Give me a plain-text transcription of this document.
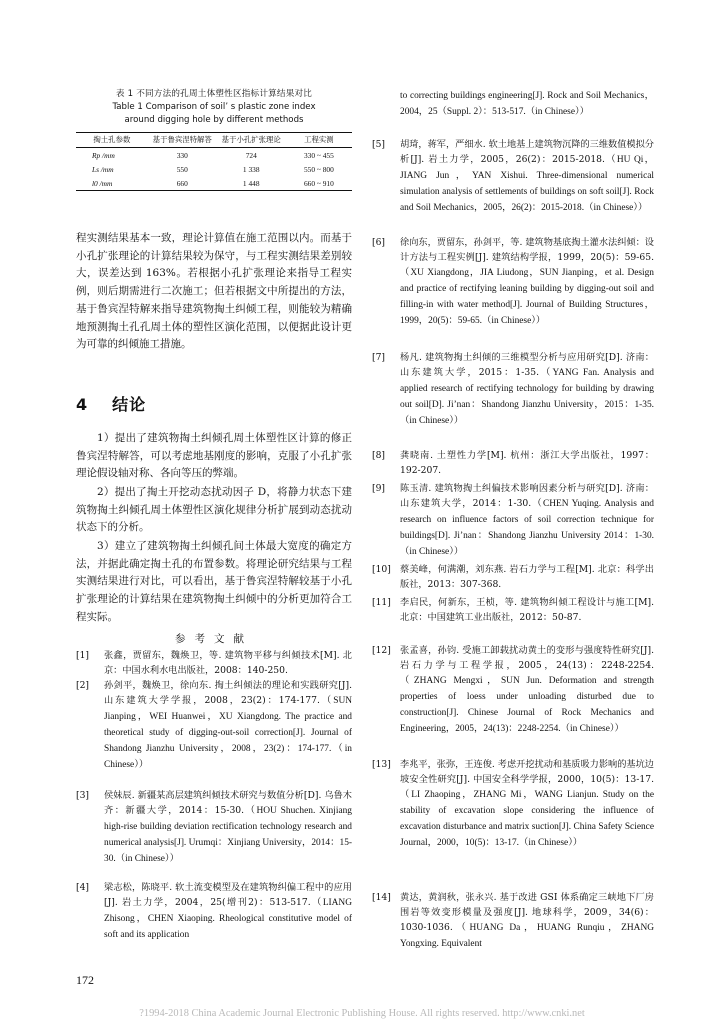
表 1 不同方法的孔周土体塑性区指标计算结果对比
Table 1 Comparison of soil’ s plastic zone index
around digging hole by different methods
掏土孔参数	基于鲁宾涅特解答	基于小孔扩张理论	工程实测
Rp /mm	330	724	330 ~ 455
Ls /mm	550	1 338	550 ~ 800
l0 /mm	660	1 448	660 ~ 910
程实测结果基本一致，理论计算值在施工范围以内。而基于小孔扩张理论的计算结果较为保守，与工程实测结果差别较大，误差达到 163%。若根据小孔扩张理论来指导工程实例，则后期需进行二次施工；但若根据文中所提出的方法，基于鲁宾涅特解来指导建筑物掏土纠倾工程，则能较为精确地预测掏土孔孔周土体的塑性区演化范围，以便据此设计更为可靠的纠倾施工措施。
4 结论
1）提出了建筑物掏土纠倾孔周土体塑性区计算的修正鲁宾涅特解答，可以考虑地基刚度的影响，克服了小孔扩张理论假设轴对称、各向等压的弊端。
2）提出了掏土开挖动态扰动因子 D，将静力状态下建筑物掏土纠倾孔周土体塑性区演化规律分析扩展到动态扰动状态下的分析。
3）建立了建筑物掏土纠倾孔间土体最大宽度的确定方法，并据此确定掏土孔的布置参数。将理论研究结果与工程实测结果进行对比，可以看出，基于鲁宾涅特解较基于小孔扩张理论的计算结果在建筑物掏土纠倾中的分析更加符合工程实际。
参考文献
[1] 张鑫，贾留东，魏焕卫，等. 建筑物平移与纠倾技术[M]. 北京：中国水利水电出版社，2008：140-250.
[2] 孙剑平，魏焕卫，徐向东. 掏土纠倾法的理论和实践研究[J]. 山东建筑大学学报，2008，23(2)：174-177.（SUN Jianping，WEI Huanwei，XU Xiangdong. The practice and theoretical study of digging-out-soil correction[J]. Journal of Shandong Jianzhu University，2008，23(2)：174-177.（in Chinese））
[3] 侯妹辰. 新疆某高层建筑纠倾技术研究与数值分析[D]. 乌鲁木齐：新疆大学，2014：15-30.（HOU Shuchen. Xinjiang high-rise building deviation rectification technology research and numerical analysis[J]. Urumqi：Xinjiang University，2014：15-30.（in Chinese））
[4] 梁志松，陈晓平. 软土流变模型及在建筑物纠偏工程中的应用[J]. 岩土力学，2004，25(增刊2)：513-517.（LIANG Zhisong，CHEN Xiaoping. Rheological constitutive model of soft and its application
to correcting buildings engineering[J]. Rock and Soil Mechanics，2004，25（Suppl. 2）：513-517.（in Chinese））
[5] 胡琦，蒋军，严细水. 软土地基上建筑物沉降的三维数值模拟分析[J]. 岩土力学，2005，26(2)：2015-2018.（HU Qi，JIANG Jun，YAN Xishui. Three-dimensional numerical simulation analysis of settlements of buildings on soft soil[J]. Rock and Soil Mechanics，2005，26(2)：2015-2018.（in Chinese））
[6] 徐向东，贾留东，孙剑平，等. 建筑物基底掏土灌水法纠倾：设计方法与工程实例[J]. 建筑结构学报，1999，20(5)：59-65.（XU Xiangdong，JIA Liudong，SUN Jianping，et al. Design and practice of rectifying leaning building by digging-out soil and filling-in with water method[J]. Journal of Building Structures，1999，20(5)：59-65.（in Chinese））
[7] 杨凡. 建筑物掏土纠倾的三维模型分析与应用研究[D]. 济南：山东建筑大学，2015：1-35.（YANG Fan. Analysis and applied research of rectifying technology for building by drawing out soil[D]. Ji’nan：Shandong Jianzhu University，2015：1-35.（in Chinese））
[8] 龚晓南. 土塑性力学[M]. 杭州：浙江大学出版社，1997：192-207.
[9] 陈玉清. 建筑物掏土纠偏技术影响因素分析与研究[D]. 济南：山东建筑大学，2014：1-30.（CHEN Yuqing. Analysis and research on influence factors of soil correction technique for buildings[D]. Ji’nan：Shandong Jianzhu University 2014：1-30.（in Chinese））
[10] 蔡美峰，何满潮，刘东燕. 岩石力学与工程[M]. 北京：科学出版社，2013：307-368.
[11] 李启民，何新东，王桢，等. 建筑物纠倾工程设计与施工[M]. 北京：中国建筑工业出版社，2012：50-87.
[12] 张孟喜，孙钧. 受施工卸载扰动黄土的变形与强度特性研究[J]. 岩石力学与工程学报，2005，24(13)：2248-2254.（ZHANG Mengxi，SUN Jun. Deformation and strength properties of loess under unloading disturbed due to construction[J]. Chinese Journal of Rock Mechanics and Engineering，2005，24(13)：2248-2254.（in Chinese））
[13] 李兆平，张弥，王连俊. 考虑开挖扰动和基质吸力影响的基坑边坡安全性研究[J]. 中国安全科学学报，2000，10(5)：13-17.（LI Zhaoping，ZHANG Mi，WANG Lianjun. Study on the stability of excavation slope considering the influence of excavation disturbance and matrix suction[J]. China Safety Science Journal，2000，10(5)：13-17.（in Chinese））
[14] 黄达，黄润秋，张永兴. 基于改进 GSI 体系确定三峡地下厂房围岩等效变形模量及强度[J]. 地球科学，2009，34(6)：1030-1036.（HUANG Da，HUANG Runqiu，ZHANG Yongxing. Equivalent
172
?1994-2018 China Academic Journal Electronic Publishing House. All rights reserved. http://www.cnki.net
